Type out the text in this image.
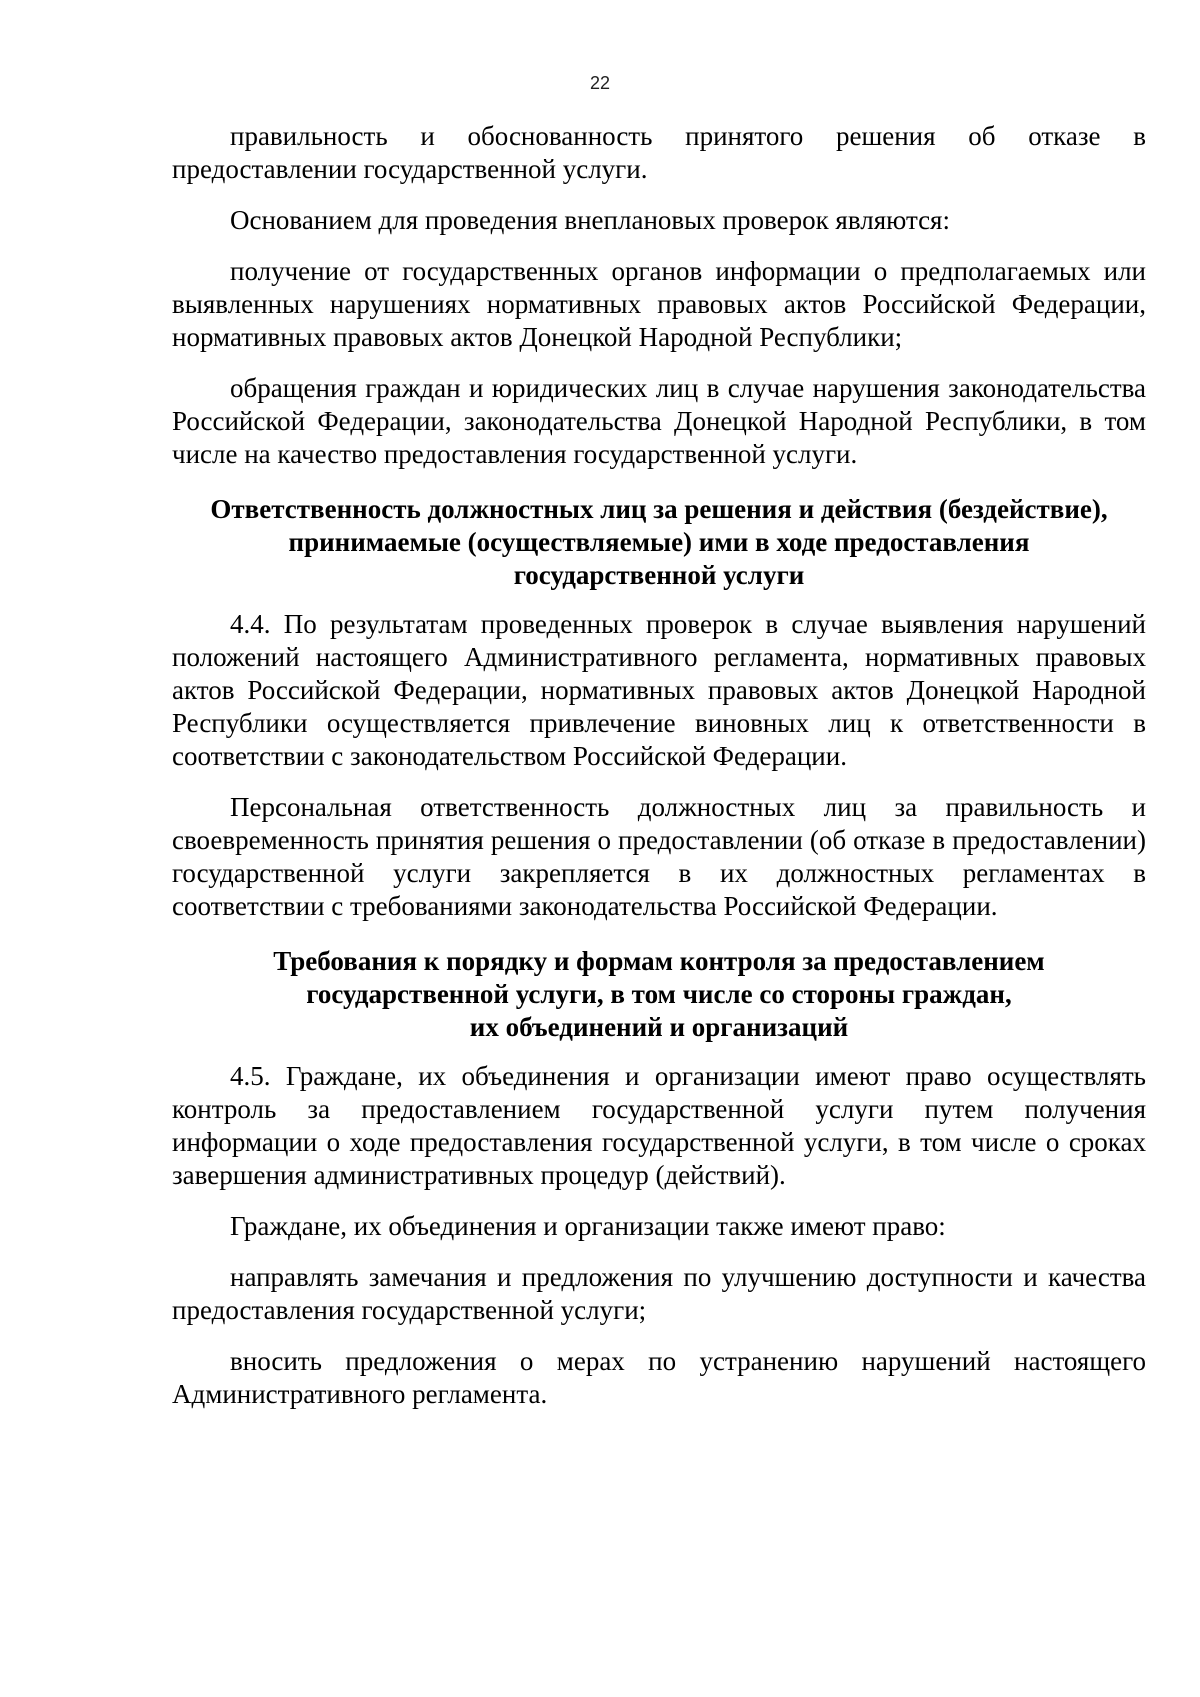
22

правильность и обоснованность принятого решения об отказе в предоставлении государственной услуги.

Основанием для проведения внеплановых проверок являются:

получение от государственных органов информации о предполагаемых или выявленных нарушениях нормативных правовых актов Российской Федерации, нормативных правовых актов Донецкой Народной Республики;

обращения граждан и юридических лиц в случае нарушения законодательства Российской Федерации, законодательства Донецкой Народной Республики, в том числе на качество предоставления государственной услуги.

Ответственность должностных лиц за решения и действия (бездействие),
принимаемые (осуществляемые) ими в ходе предоставления
государственной услуги

4.4. По результатам проведенных проверок в случае выявления нарушений положений настоящего Административного регламента, нормативных правовых актов Российской Федерации, нормативных правовых актов Донецкой Народной Республики осуществляется привлечение виновных лиц к ответственности в соответствии с законодательством Российской Федерации.

Персональная ответственность должностных лиц за правильность и своевременность принятия решения о предоставлении (об отказе в предоставлении) государственной услуги закрепляется в их должностных регламентах в соответствии с требованиями законодательства Российской Федерации.

Требования к порядку и формам контроля за предоставлением
государственной услуги, в том числе со стороны граждан,
их объединений и организаций

4.5. Граждане, их объединения и организации имеют право осуществлять контроль за предоставлением государственной услуги путем получения информации о ходе предоставления государственной услуги, в том числе о сроках завершения административных процедур (действий).

Граждане, их объединения и организации также имеют право:

направлять замечания и предложения по улучшению доступности и качества предоставления государственной услуги;

вносить предложения о мерах по устранению нарушений настоящего Административного регламента.
